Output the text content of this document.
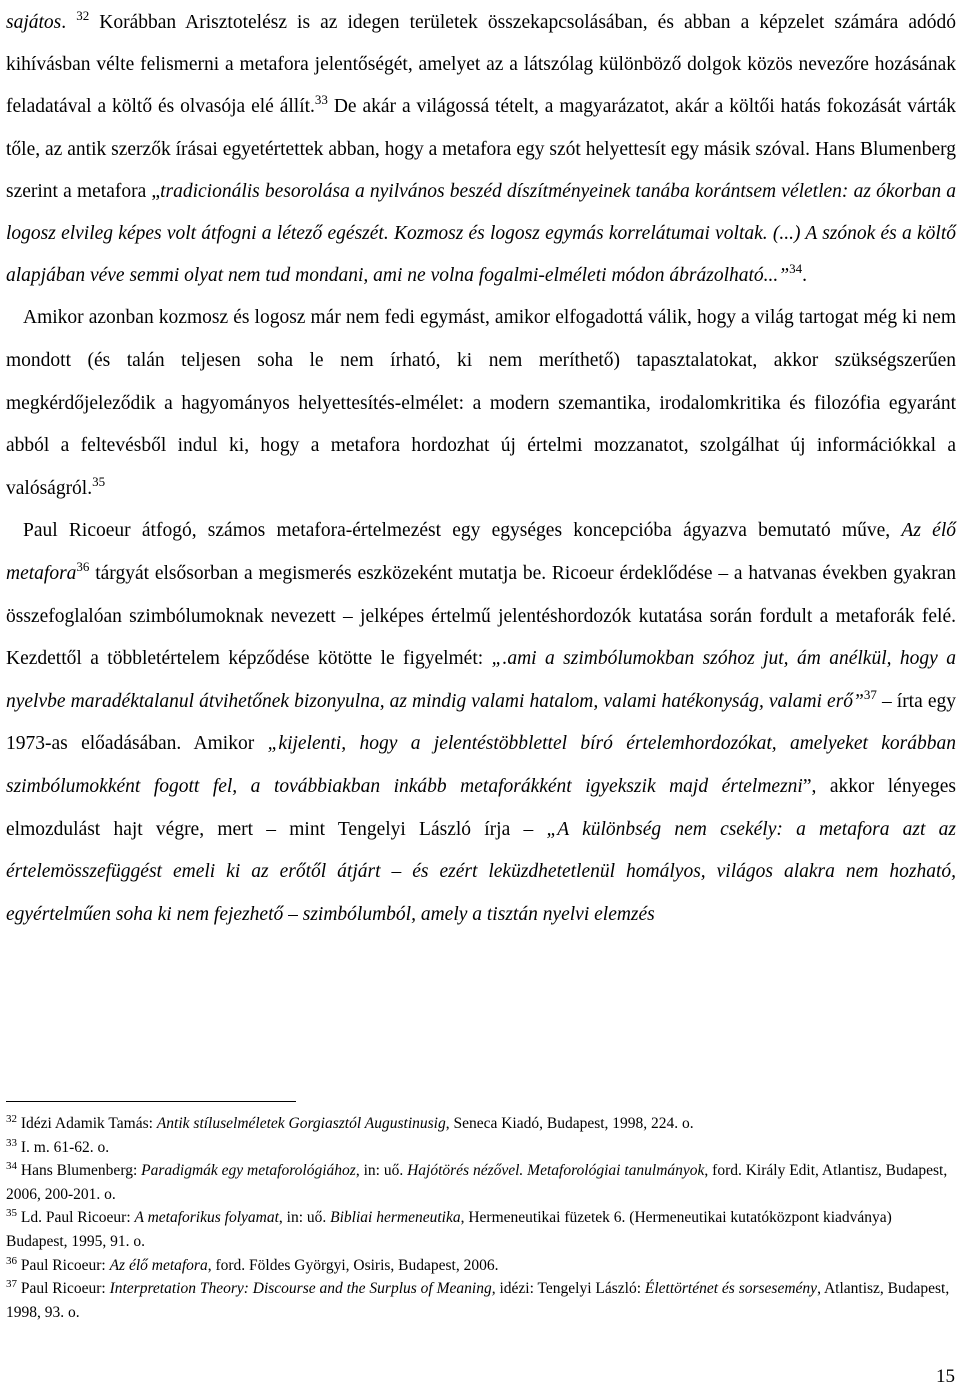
sajátos. $^{32}$ Korábban Arisztotelész is az idegen területek összekapcsolásában, és abban a képzelet számára adódó kihívásban vélte felismerni a metafora jelentőségét, amelyet az a látszólag különböző dolgok közös nevezőre hozásának feladatával a költő és olvasója elé állít.$^{33}$ De akár a világossá tételt, a magyarázatot, akár a költői hatás fokozását várták tőle, az antik szerzők írásai egyetértettek abban, hogy a metafora egy szót helyettesít egy másik szóval. Hans Blumenberg szerint a metafora „tradicionális besorolása a nyilvános beszéd díszítményeinek tanába korántsem véletlen: az ókorban a logosz elvileg képes volt átfogni a létező egészét. Kozmosz és logosz egymás korrelátumai voltak. (...) A szónok és a költő alapjában véve semmi olyat nem tud mondani, ami ne volna fogalmi-elméleti módon ábrázolható...”$^{34}$.

Amikor azonban kozmosz és logosz már nem fedi egymást, amikor elfogadottá válik, hogy a világ tartogat még ki nem mondott (és talán teljesen soha le nem írható, ki nem meríthető) tapasztalatokat, akkor szükségszerűen megkérdőjeleződik a hagyományos helyettesítés-elmélet: a modern szemantika, irodalomkritika és filozófia egyaránt abból a feltevésből indul ki, hogy a metafora hordozhat új értelmi mozzanatot, szolgálhat új információkkal a valóságról.$^{35}$

Paul Ricoeur átfogó, számos metafora-értelmezést egy egységes koncepcióba ágyazva bemutató műve, Az élő metafora$^{36}$ tárgyát elsősorban a megismerés eszközeként mutatja be. Ricoeur érdeklődése – a hatvanas években gyakran összefoglalóan szimbólumoknak nevezett – jelképes értelmű jelentéshordozók kutatása során fordult a metaforák felé. Kezdettől a többletértelem képződése kötötte le figyelmét: „.ami a szimbólumokban szóhoz jut, ám anélkül, hogy a nyelvbe maradéktalanul átvihetőnek bizonyulna, az mindig valami hatalom, valami hatékonyság, valami erő”$^{37}$ – írta egy 1973-as előadásában. Amikor „kijelenti, hogy a jelentéstöbblettel bíró értelemhordozókat, amelyeket korábban szimbólumokként fogott fel, a továbbiakban inkább metaforákként igyekszik majd értelmezni”, akkor lényeges elmozdulást hajt végre, mert – mint Tengelyi László írja – „A különbség nem csekély: a metafora azt az értelemösszefüggést emeli ki az erőtől átjárt – és ezért leküzdhetetlenül homályos, világos alakra nem hozható, egyértelműen soha ki nem fejezhető – szimbólumból, amely a tisztán nyelvi elemzés

$^{32}$ Idézi Adamik Tamás: Antik stíluselméletek Gorgiasztól Augustinusig, Seneca Kiadó, Budapest, 1998, 224. o.

$^{33}$ I. m. 61-62. o.

$^{34}$ Hans Blumenberg: Paradigmák egy metaforológiához, in: uő. Hajótörés nézővel. Metaforológiai tanulmányok, ford. Király Edit, Atlantisz, Budapest, 2006, 200-201. o.

$^{35}$ Ld. Paul Ricoeur: A metaforikus folyamat, in: uő. Bibliai hermeneutika, Hermeneutikai füzetek 6. (Hermeneutikai kutatóközpont kiadványa) Budapest, 1995, 91. o.

$^{36}$ Paul Ricoeur: Az élő metafora, ford. Földes Györgyi, Osiris, Budapest, 2006.

$^{37}$ Paul Ricoeur: Interpretation Theory: Discourse and the Surplus of Meaning, idézi: Tengelyi László: Élettörténet és sorsesemény, Atlantisz, Budapest, 1998, 93. o.

15
